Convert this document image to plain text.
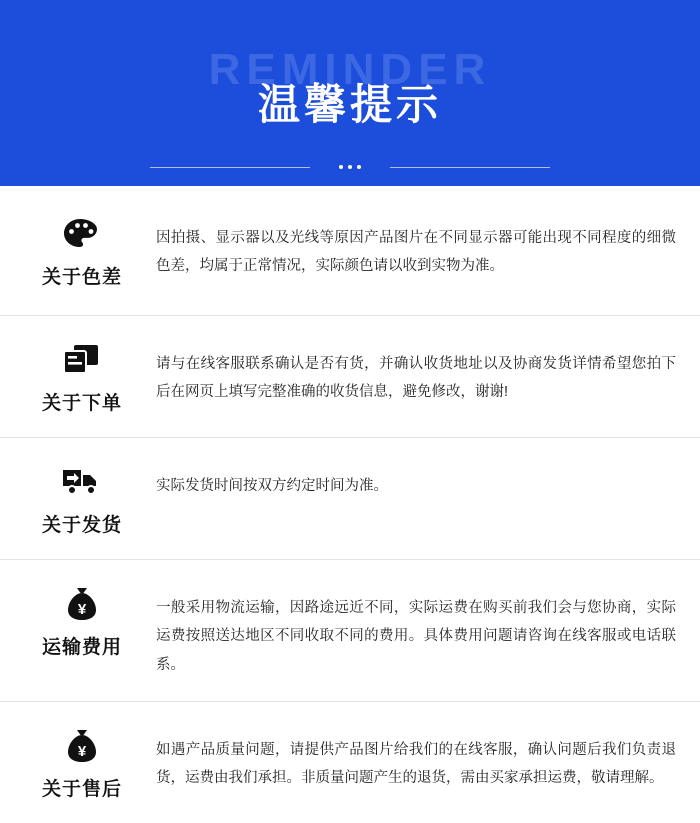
REMINDER
温馨提示
关于色差

因拍摄、显示器以及光线等原因产品图片在不同显示器可能出现不同程度的细微色差，均属于正常情况，实际颜色请以收到实物为准。

关于下单

请与在线客服联系确认是否有货，并确认收货地址以及协商发货详情希望您拍下后在网页上填写完整准确的收货信息，避免修改，谢谢!

关于发货

实际发货时间按双方约定时间为准。

¥
运输费用

一般采用物流运输，因路途远近不同，实际运费在购买前我们会与您协商，实际运费按照送达地区不同收取不同的费用。具体费用问题请咨询在线客服或电话联系。

¥
关于售后

如遇产品质量问题，请提供产品图片给我们的在线客服，确认问题后我们负责退货，运费由我们承担。非质量问题产生的退货，需由买家承担运费，敬请理解。
